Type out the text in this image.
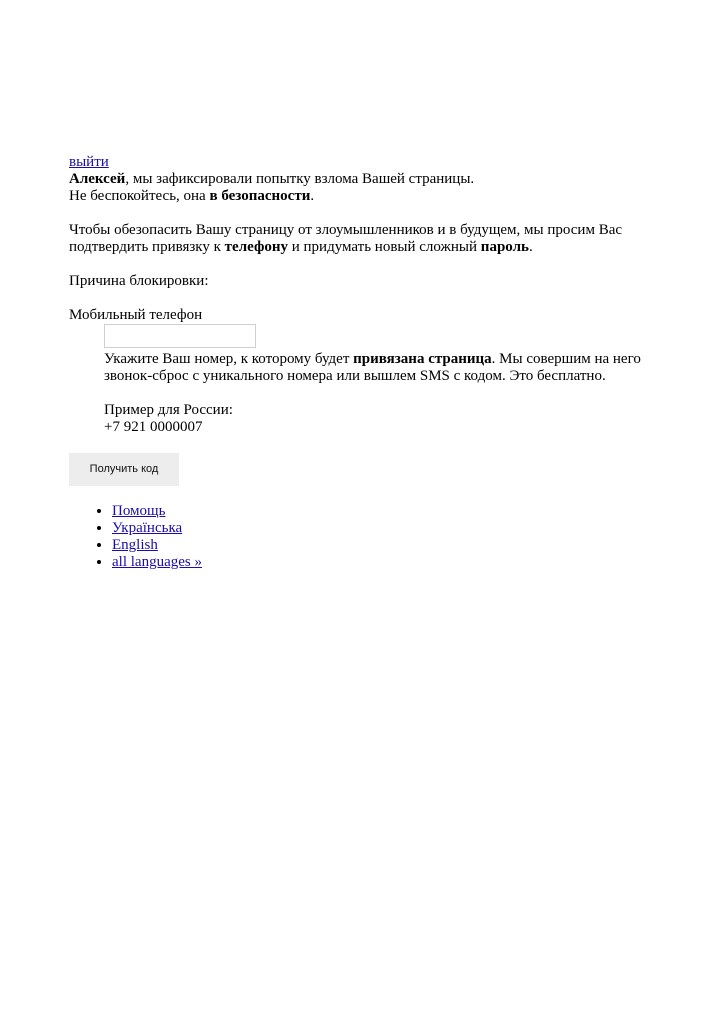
выйти

Алексей, мы зафиксировали попытку взлома Вашей страницы.

Не беспокойтесь, она в безопасности.

Чтобы обезопасить Вашу страницу от злоумышленников и в будущем, мы просим Вас подтвердить привязку к телефону и придумать новый сложный пароль.

Причина блокировки:

Мобильный телефон

Укажите Ваш номер, к которому будет привязана страница. Мы совершим на него звонок-сброс с уникального номера или вышлем SMS с кодом. Это бесплатно.

Пример для России:

+7 921 0000007

Получить код
• Помощь
• Українська
• English
• all languages »
